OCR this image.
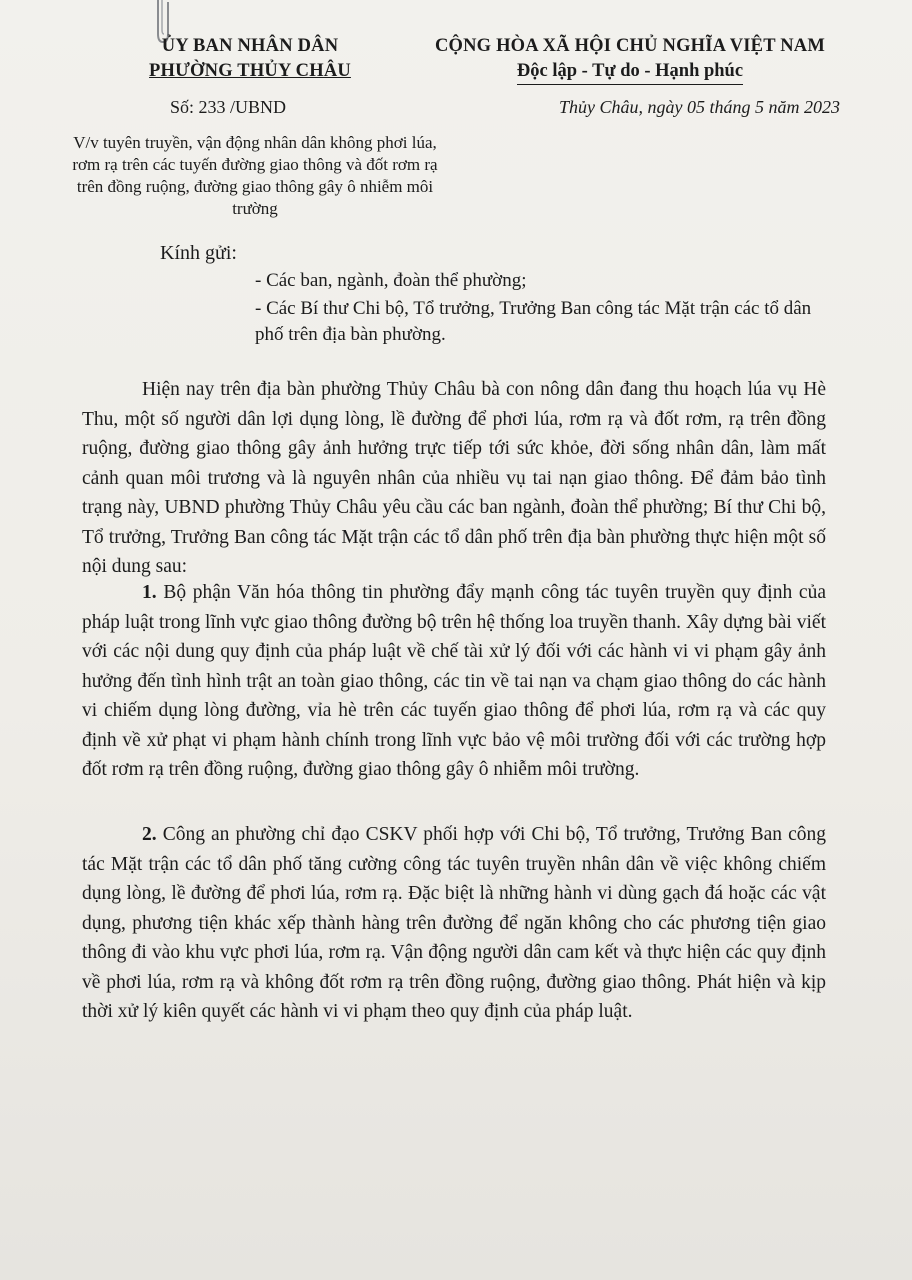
ỦY BAN NHÂN DÂN
PHƯỜNG THỦY CHÂU
CỘNG HÒA XÃ HỘI CHỦ NGHĨA VIỆT NAM
Độc lập - Tự do - Hạnh phúc
Số: 233 /UBND	Thủy Châu, ngày 05 tháng 5 năm 2023
V/v tuyên truyền, vận động nhân dân không phơi lúa, rơm rạ trên các tuyến đường giao thông và đốt rơm rạ trên đồng ruộng, đường giao thông gây ô nhiễm môi trường
Kính gửi:
- Các ban, ngành, đoàn thể phường;
- Các Bí thư Chi bộ, Tổ trưởng, Trưởng Ban công tác Mặt trận các tổ dân phố trên địa bàn phường.
Hiện nay trên địa bàn phường Thủy Châu bà con nông dân đang thu hoạch lúa vụ Hè Thu, một số người dân lợi dụng lòng, lề đường để phơi lúa, rơm rạ và đốt rơm, rạ trên đồng ruộng, đường giao thông gây ảnh hưởng trực tiếp tới sức khỏe, đời sống nhân dân, làm mất cảnh quan môi trương và là nguyên nhân của nhiều vụ tai nạn giao thông. Để đảm bảo tình trạng này, UBND phường Thủy Châu yêu cầu các ban ngành, đoàn thể phường; Bí thư Chi bộ, Tổ trưởng, Trưởng Ban công tác Mặt trận các tổ dân phố trên địa bàn phường thực hiện một số nội dung sau:
1. Bộ phận Văn hóa thông tin phường đẩy mạnh công tác tuyên truyền quy định của pháp luật trong lĩnh vực giao thông đường bộ trên hệ thống loa truyền thanh. Xây dựng bài viết với các nội dung quy định của pháp luật về chế tài xử lý đối với các hành vi vi phạm gây ảnh hưởng đến tình hình trật an toàn giao thông, các tin về tai nạn va chạm giao thông do các hành vi chiếm dụng lòng đường, vỉa hè trên các tuyến giao thông để phơi lúa, rơm rạ và các quy định về xử phạt vi phạm hành chính trong lĩnh vực bảo vệ môi trường đối với các trường hợp đốt rơm rạ trên đồng ruộng, đường giao thông gây ô nhiễm môi trường.
2. Công an phường chỉ đạo CSKV phối hợp với Chi bộ, Tổ trưởng, Trưởng Ban công tác Mặt trận các tổ dân phố tăng cường công tác tuyên truyền nhân dân về việc không chiếm dụng lòng, lề đường để phơi lúa, rơm rạ. Đặc biệt là những hành vi dùng gạch đá hoặc các vật dụng, phương tiện khác xếp thành hàng trên đường để ngăn không cho các phương tiện giao thông đi vào khu vực phơi lúa, rơm rạ. Vận động người dân cam kết và thực hiện các quy định về phơi lúa, rơm rạ và không đốt rơm rạ trên đồng ruộng, đường giao thông. Phát hiện và kịp thời xử lý kiên quyết các hành vi vi phạm theo quy định của pháp luật.
